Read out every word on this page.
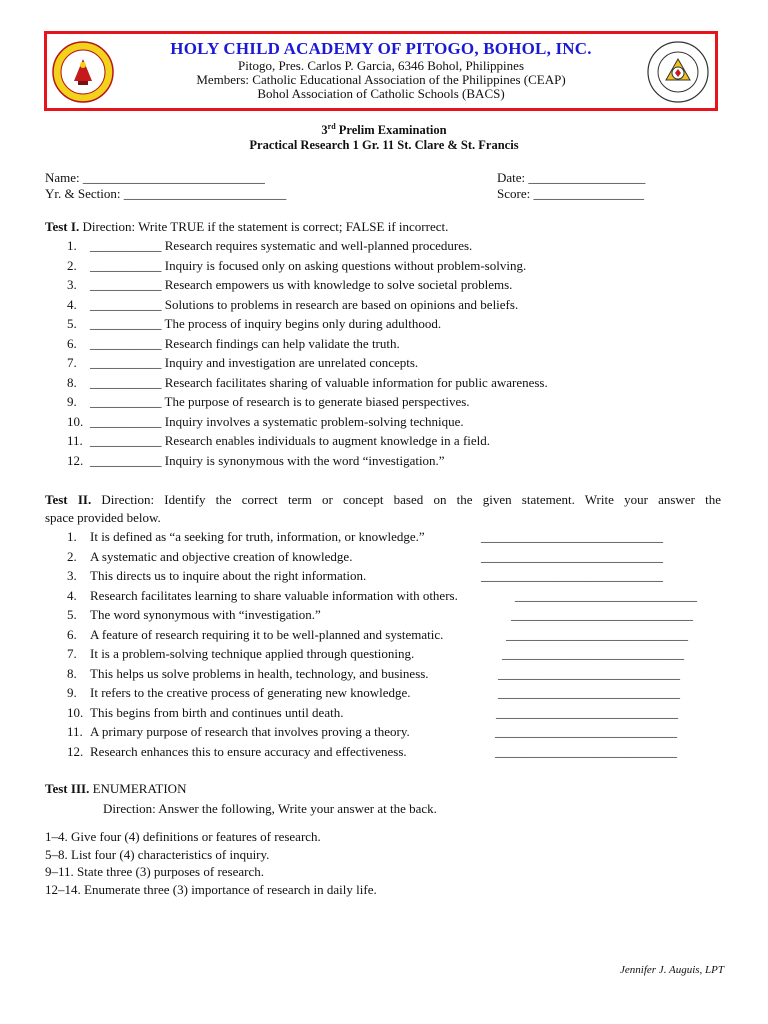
HOLY CHILD ACADEMY OF PITOGO, BOHOL, INC.
Pitogo, Pres. Carlos P. Garcia, 6346 Bohol, Philippines
Members: Catholic Educational Association of the Philippines (CEAP)
Bohol Association of Catholic Schools (BACS)
3rd Prelim Examination
Practical Research 1 Gr. 11 St. Clare & St. Francis
Name: ____________________________
Yr. & Section: _________________________
Date: __________________
Score: _________________
Test I. Direction: Write TRUE if the statement is correct; FALSE if incorrect.
1. ___________ Research requires systematic and well-planned procedures.
2. ___________ Inquiry is focused only on asking questions without problem-solving.
3. ___________ Research empowers us with knowledge to solve societal problems.
4. ___________ Solutions to problems in research are based on opinions and beliefs.
5. ___________ The process of inquiry begins only during adulthood.
6. ___________ Research findings can help validate the truth.
7. ___________ Inquiry and investigation are unrelated concepts.
8. ___________ Research facilitates sharing of valuable information for public awareness.
9. ___________ The purpose of research is to generate biased perspectives.
10. ___________ Inquiry involves a systematic problem-solving technique.
11. ___________ Research enables individuals to augment knowledge in a field.
12. ___________ Inquiry is synonymous with the word “investigation.”
Test II. Direction: Identify the correct term or concept based on the given statement. Write your answer the
space provided below.
1. It is defined as “a seeking for truth, information, or knowledge.”	____________________________
2. A systematic and objective creation of knowledge.	____________________________
3. This directs us to inquire about the right information.	____________________________
4. Research facilitates learning to share valuable information with others.	____________________________
5. The word synonymous with “investigation.”	____________________________
6. A feature of research requiring it to be well-planned and systematic.	____________________________
7. It is a problem-solving technique applied through questioning.	____________________________
8. This helps us solve problems in health, technology, and business.	____________________________
9. It refers to the creative process of generating new knowledge.	____________________________
10. This begins from birth and continues until death.	____________________________
11. A primary purpose of research that involves proving a theory.	____________________________
12. Research enhances this to ensure accuracy and effectiveness.	____________________________
Test III. ENUMERATION
Direction: Answer the following, Write your answer at the back.
1–4. Give four (4) definitions or features of research.
5–8. List four (4) characteristics of inquiry.
9–11. State three (3) purposes of research.
12–14. Enumerate three (3) importance of research in daily life.
Jennifer J. Auguis, LPT
